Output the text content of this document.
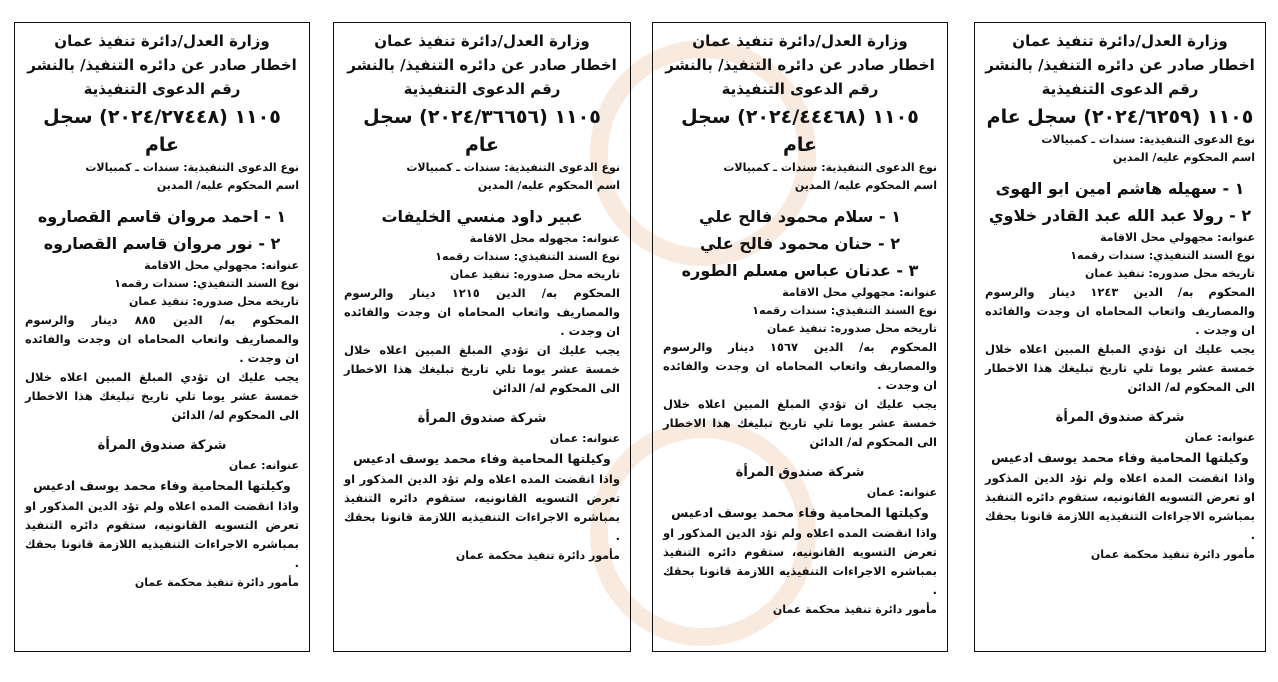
وزارة العدل/دائرة تنفيذ عمان
اخطار صادر عن دائره التنفيذ/ بالنشر
رقم الدعوى التنفيذية
١١٠٥ (٢٠٢٤/٦٢٥٩) سجل عام
نوع الدعوى التنفيذية: سندات ـ كمبيالات
اسم المحكوم عليه/ المدين
١ - سهيله هاشم امين ابو الهوى
٢ - رولا عبد الله عبد القادر خلاوي
عنوانه: مجهولي محل الاقامة
نوع السند التنفيذي: سندات رقمه١
تاريخه محل صدوره: تنفيذ عمان
المحكوم به/ الدين ١٢٤٣ دينار والرسوم والمصاريف واتعاب المحاماه ان وجدت والفائده ان وجدت .
يجب عليك ان تؤدي المبلغ المبين اعلاه خلال خمسة عشر يوما تلي تاريخ تبليغك هذا الاخطار الى المحكوم له/ الدائن
شركة صندوق المرأة
عنوانه: عمان
وكيلتها المحامية وفاء محمد يوسف ادعيس
واذا انقضت المده اعلاه ولم تؤد الدين المذكور او تعرض التسويه القانونيه، ستقوم دائره التنفيذ بمباشره الاجراءات التنفيذيه اللازمة قانونا بحقك .
مأمور دائرة تنفيذ محكمة عمان
وزارة العدل/دائرة تنفيذ عمان
اخطار صادر عن دائره التنفيذ/ بالنشر
رقم الدعوى التنفيذية
١١٠٥ (٢٠٢٤/٤٤٤٦٨) سجل عام
نوع الدعوى التنفيذية: سندات ـ كمبيالات
اسم المحكوم عليه/ المدين
١ - سلام محمود فالح علي
٢ - حنان محمود فالح علي
٣ - عدنان عباس مسلم الطوره
عنوانه: مجهولي محل الاقامة
نوع السند التنفيذي: سندات رقمه١
تاريخه محل صدوره: تنفيذ عمان
المحكوم به/ الدين ١٥٦٧ دينار والرسوم والمصاريف واتعاب المحاماه ان وجدت والفائده ان وجدت .
يجب عليك ان تؤدي المبلغ المبين اعلاه خلال خمسة عشر يوما تلي تاريخ تبليغك هذا الاخطار الى المحكوم له/ الدائن
شركة صندوق المرأة
عنوانه: عمان
وكيلتها المحامية وفاء محمد يوسف ادعيس
واذا انقضت المده اعلاه ولم تؤد الدين المذكور او تعرض التسويه القانونيه، ستقوم دائره التنفيذ بمباشره الاجراءات التنفيذيه اللازمة قانونا بحقك .
مأمور دائرة تنفيذ محكمة عمان
وزارة العدل/دائرة تنفيذ عمان
اخطار صادر عن دائره التنفيذ/ بالنشر
رقم الدعوى التنفيذية
١١٠٥ (٢٠٢٤/٣٦٦٥٦) سجل عام
نوع الدعوى التنفيذية: سندات ـ كمبيالات
اسم المحكوم عليه/ المدين
عبير داود منسي الخليفات
عنوانه: مجهوله محل الاقامة
نوع السند التنفيذي: سندات رقمه١
تاريخه محل صدوره: تنفيذ عمان
المحكوم به/ الدين ١٢١٥ دينار والرسوم والمصاريف واتعاب المحاماه ان وجدت والفائده ان وجدت .
يجب عليك ان تؤدي المبلغ المبين اعلاه خلال خمسة عشر يوما تلي تاريخ تبليغك هذا الاخطار الى المحكوم له/ الدائن
شركة صندوق المرأة
عنوانه: عمان
وكيلتها المحامية وفاء محمد يوسف ادعيس
واذا انقضت المده اعلاه ولم تؤد الدين المذكور او تعرض التسويه القانونيه، ستقوم دائره التنفيذ بمباشره الاجراءات التنفيذيه اللازمة قانونا بحقك .
مأمور دائرة تنفيذ محكمة عمان
وزارة العدل/دائرة تنفيذ عمان
اخطار صادر عن دائره التنفيذ/ بالنشر
رقم الدعوى التنفيذية
١١٠٥ (٢٠٢٤/٢٧٤٤٨) سجل عام
نوع الدعوى التنفيذية: سندات ـ كمبيالات
اسم المحكوم عليه/ المدين
١ - احمد مروان قاسم القصاروه
٢ - نور مروان قاسم القصاروه
عنوانه: مجهولي محل الاقامة
نوع السند التنفيذي: سندات رقمه١
تاريخه محل صدوره: تنفيذ عمان
المحكوم به/ الدين ٨٨٥ دينار والرسوم والمصاريف واتعاب المحاماه ان وجدت والفائده ان وجدت .
يجب عليك ان تؤدي المبلغ المبين اعلاه خلال خمسة عشر يوما تلي تاريخ تبليغك هذا الاخطار الى المحكوم له/ الدائن
شركة صندوق المرأة
عنوانه: عمان
وكيلتها المحامية وفاء محمد يوسف ادعيس
واذا انقضت المده اعلاه ولم تؤد الدين المذكور او تعرض التسويه القانونيه، ستقوم دائره التنفيذ بمباشره الاجراءات التنفيذيه اللازمة قانونا بحقك .
مأمور دائرة تنفيذ محكمة عمان
